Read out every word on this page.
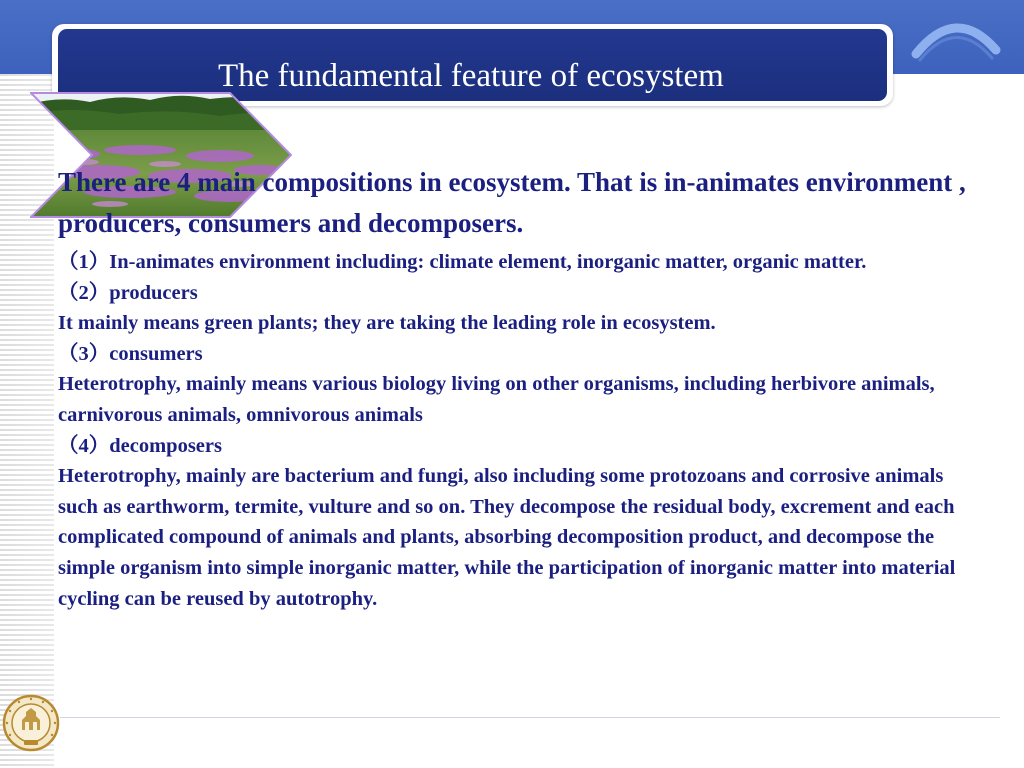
The fundamental feature of ecosystem
There are 4 main compositions in ecosystem. That is in-animates environment , producers, consumers and decomposers.
（1）In-animates environment including: climate element, inorganic matter, organic matter.
（2）producers
It mainly means green plants; they are taking the leading role in ecosystem.
（3）consumers
Heterotrophy, mainly means various biology living on other organisms, including herbivore animals, carnivorous animals, omnivorous animals
（4）decomposers
Heterotrophy, mainly are bacterium and fungi, also including some protozoans and corrosive animals such as earthworm, termite, vulture and so on. They decompose the residual body, excrement and each complicated compound of animals and plants, absorbing decomposition product, and decompose the simple organism into simple inorganic matter, while the participation of inorganic matter into material cycling can be reused by autotrophy.
